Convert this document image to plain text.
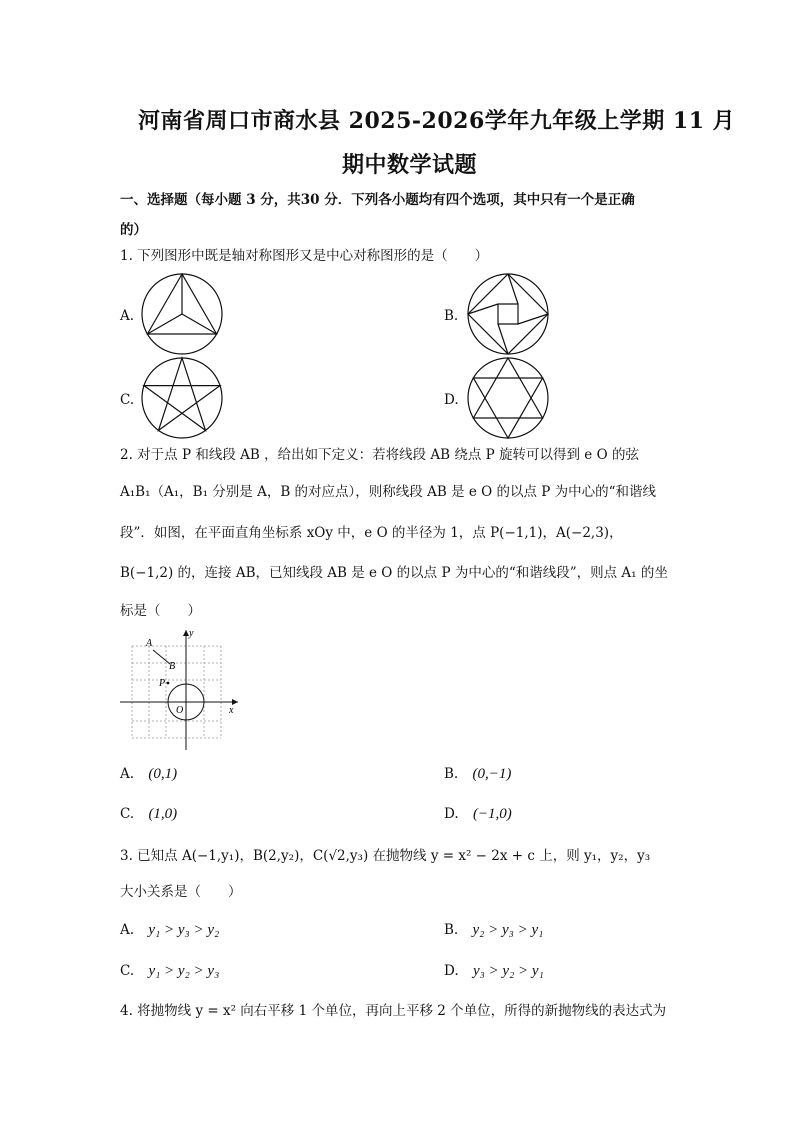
河南省周口市商水县 2025-2026学年九年级上学期 11 月
期中数学试题
一、选择题（每小题 3 分，共30 分．下列各小题均有四个选项，其中只有一个是正确
的）
1. 下列图形中既是轴对称图形又是中心对称图形的是（　　）
A.	B.
C.	D.
2. 对于点 P 和线段 AB ，给出如下定义：若将线段 AB 绕点 P 旋转可以得到 e O 的弦
A₁B₁（A₁，B₁ 分别是 A，B 的对应点），则称线段 AB 是 e O 的以点 P 为中心的“和谐线
段”．如图，在平面直角坐标系 xOy 中，e O 的半径为 1，点 P(−1,1)，A(−2,3)，
B(−1,2) 的，连接 AB，已知线段 AB 是 e O 的以点 P 为中心的“和谐线段”，则点 A₁ 的坐
标是（　　）
A
B
P
O	x
y
A. (0,1)	B. (0,−1)
C. (1,0)	D. (−1,0)
3. 已知点 A(−1,y₁)，B(2,y₂)，C(√2,y₃) 在抛物线 y = x² − 2x + c 上，则 y₁，y₂，y₃
大小关系是（　　）
A. y₁ > y₃ > y₂	B. y₂ > y₃ > y₁
C. y₁ > y₂ > y₃	D. y₃ > y₂ > y₁
4. 将抛物线 y = x² 向右平移 1 个单位，再向上平移 2 个单位，所得的新抛物线的表达式为
